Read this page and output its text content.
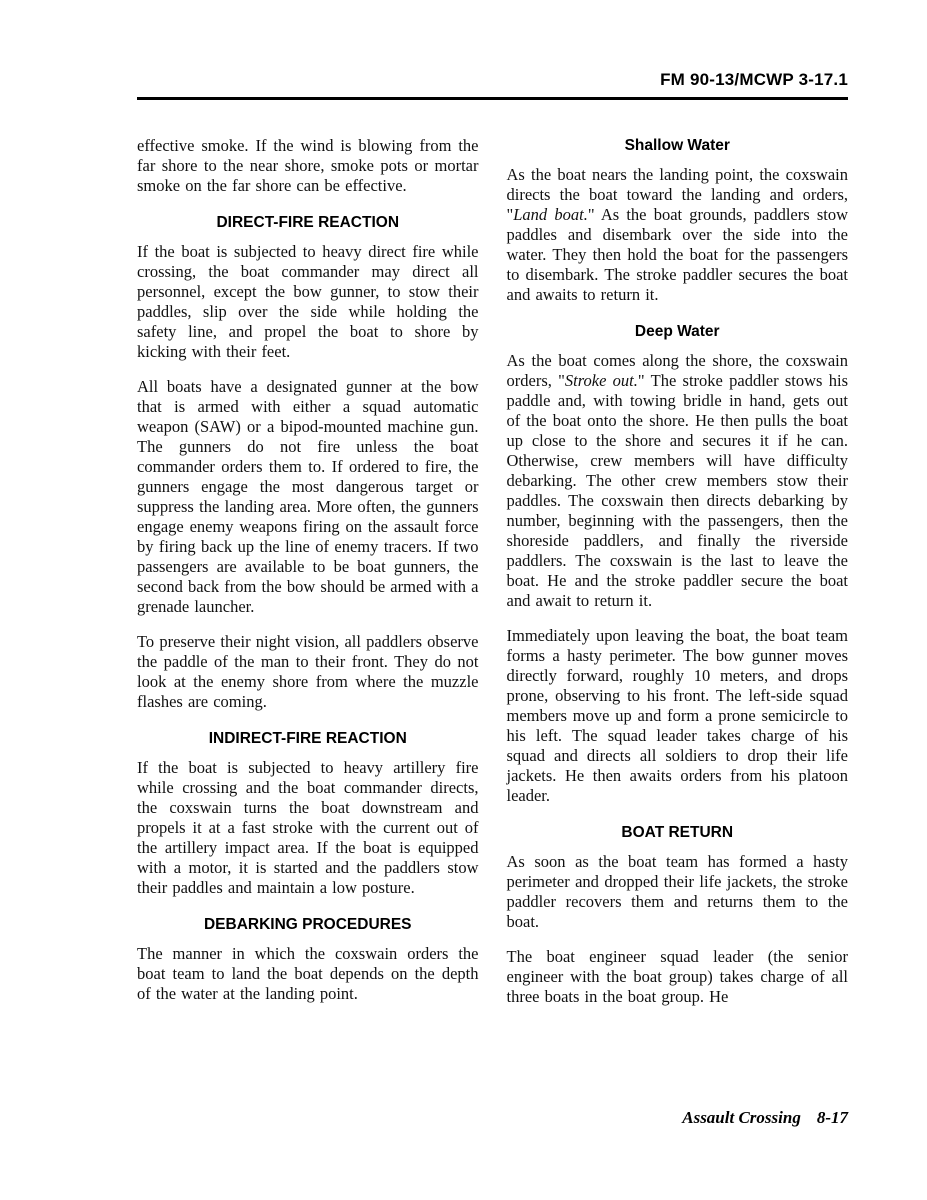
FM 90-13/MCWP 3-17.1

effective smoke. If the wind is blowing from the far shore to the near shore, smoke pots or mortar smoke on the far shore can be effective.

DIRECT-FIRE REACTION

If the boat is subjected to heavy direct fire while crossing, the boat commander may direct all personnel, except the bow gunner, to stow their paddles, slip over the side while holding the safety line, and propel the boat to shore by kicking with their feet.

All boats have a designated gunner at the bow that is armed with either a squad automatic weapon (SAW) or a bipod-mounted machine gun. The gunners do not fire unless the boat commander orders them to. If ordered to fire, the gunners engage the most dangerous target or suppress the landing area. More often, the gunners engage enemy weapons firing on the assault force by firing back up the line of enemy tracers. If two passengers are available to be boat gunners, the second back from the bow should be armed with a grenade launcher.

To preserve their night vision, all paddlers observe the paddle of the man to their front. They do not look at the enemy shore from where the muzzle flashes are coming.

INDIRECT-FIRE REACTION

If the boat is subjected to heavy artillery fire while crossing and the boat commander directs, the coxswain turns the boat downstream and propels it at a fast stroke with the current out of the artillery impact area. If the boat is equipped with a motor, it is started and the paddlers stow their paddles and maintain a low posture.

DEBARKING PROCEDURES

The manner in which the coxswain orders the boat team to land the boat depends on the depth of the water at the landing point.

Shallow Water

As the boat nears the landing point, the coxswain directs the boat toward the landing and orders, "Land boat." As the boat grounds, paddlers stow paddles and disembark over the side into the water. They then hold the boat for the passengers to disembark. The stroke paddler secures the boat and awaits to return it.

Deep Water

As the boat comes along the shore, the coxswain orders, "Stroke out." The stroke paddler stows his paddle and, with towing bridle in hand, gets out of the boat onto the shore. He then pulls the boat up close to the shore and secures it if he can. Otherwise, crew members will have difficulty debarking. The other crew members stow their paddles. The coxswain then directs debarking by number, beginning with the passengers, then the shoreside paddlers, and finally the riverside paddlers. The coxswain is the last to leave the boat. He and the stroke paddler secure the boat and await to return it.

Immediately upon leaving the boat, the boat team forms a hasty perimeter. The bow gunner moves directly forward, roughly 10 meters, and drops prone, observing to his front. The left-side squad members move up and form a prone semicircle to his left. The squad leader takes charge of his squad and directs all soldiers to drop their life jackets. He then awaits orders from his platoon leader.

BOAT RETURN

As soon as the boat team has formed a hasty perimeter and dropped their life jackets, the stroke paddler recovers them and returns them to the boat.

The boat engineer squad leader (the senior engineer with the boat group) takes charge of all three boats in the boat group. He

Assault Crossing 8-17
